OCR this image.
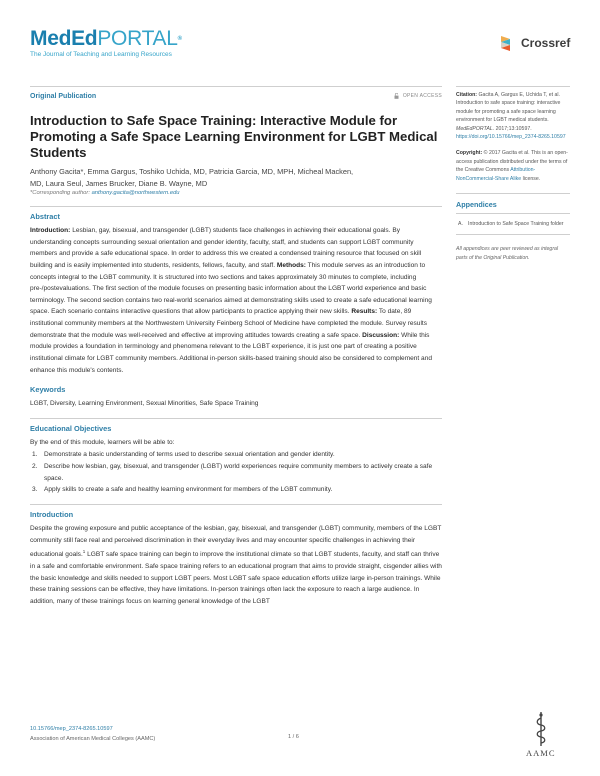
MedEdPORTAL®
The Journal of Teaching and Learning Resources
Crossref
Original Publication	OPEN ACCESS
Introduction to Safe Space Training: Interactive Module for Promoting a Safe Space Learning Environment for LGBT Medical Students
Anthony Gacita*, Emma Gargus, Toshiko Uchida, MD, Patricia Garcia, MD, MPH, Micheal Macken,
MD, Laura Seul, James Brucker, Diane B. Wayne, MD
*Corresponding author: anthony.gacita@northwestern.edu
Abstract

Introduction: Lesbian, gay, bisexual, and transgender (LGBT) students face challenges in achieving their educational goals. By understanding concepts surrounding sexual orientation and gender identity, faculty, staff, and students can support LGBT community members and provide a safe educational space. In order to address this we created a condensed training resource that focused on skill building and is easily implemented into students, residents, fellows, faculty, and staff. Methods: This module serves as an introduction to concepts integral to the LGBT community. It is structured into two sections and takes approximately 30 minutes to complete, including pre-/postevaluations. The first section of the module focuses on presenting basic information about the LGBT world experience and basic terminology. The second section contains two real-world scenarios aimed at demonstrating skills used to create a safe educational learning space. Each scenario contains interactive questions that allow participants to practice applying their new skills. Results: To date, 89 institutional community members at the Northwestern University Feinberg School of Medicine have completed the module. Survey results demonstrate that the module was well-received and effective at improving attitudes towards creating a safe space. Discussion: While this module provides a foundation in terminology and phenomena relevant to the LGBT experience, it is just one part of creating a positive institutional climate for LGBT community members. Additional in-person skills-based training should also be considered to complement and enhance this module's contents.

Keywords

LGBT, Diversity, Learning Environment, Sexual Minorities, Safe Space Training

Educational Objectives

By the end of this module, learners will be able to:

1. Demonstrate a basic understanding of terms used to describe sexual orientation and gender identity.
2. Describe how lesbian, gay, bisexual, and transgender (LGBT) world experiences require community members to actively create a safe space.
3. Apply skills to create a safe and healthy learning environment for members of the LGBT community.
Introduction

Despite the growing exposure and public acceptance of the lesbian, gay, bisexual, and transgender (LGBT) community, members of the LGBT community still face real and perceived discrimination in their everyday lives and may encounter specific challenges in achieving their educational goals.$^1$ LGBT safe space training can begin to improve the institutional climate so that LGBT students, faculty, and staff can thrive in a safe and comfortable environment. Safe space training refers to an educational program that aims to provide straight, cisgender allies with the basic knowledge and skills needed to support LGBT peers. Most LGBT safe space education efforts utilize large in-person trainings. While these training sessions can be effective, they have limitations. In-person trainings often lack the exposure to reach a large audience. In addition, many of these trainings focus on learning general knowledge of the LGBT

Citation: Gacita A, Gargus E, Uchida T, et al. Introduction to safe space training: interactive module for promoting a safe space learning environment for LGBT medical students. MedEdPORTAL. 2017;13:10597.
https://doi.org/10.15766/mep_2374-8265.10597

Copyright: © 2017 Gacita et al. This is an open-access publication distributed under the terms of the Creative Commons Attribution-NonCommercial-Share Alike license.

Appendices
A. Introduction to Safe Space Training folder

All appendices are peer reviewed as integral parts of the Original Publication.

10.15766/mep_2374-8265.10597
Association of American Medical Colleges (AAMC)	1 / 6
AAMC
